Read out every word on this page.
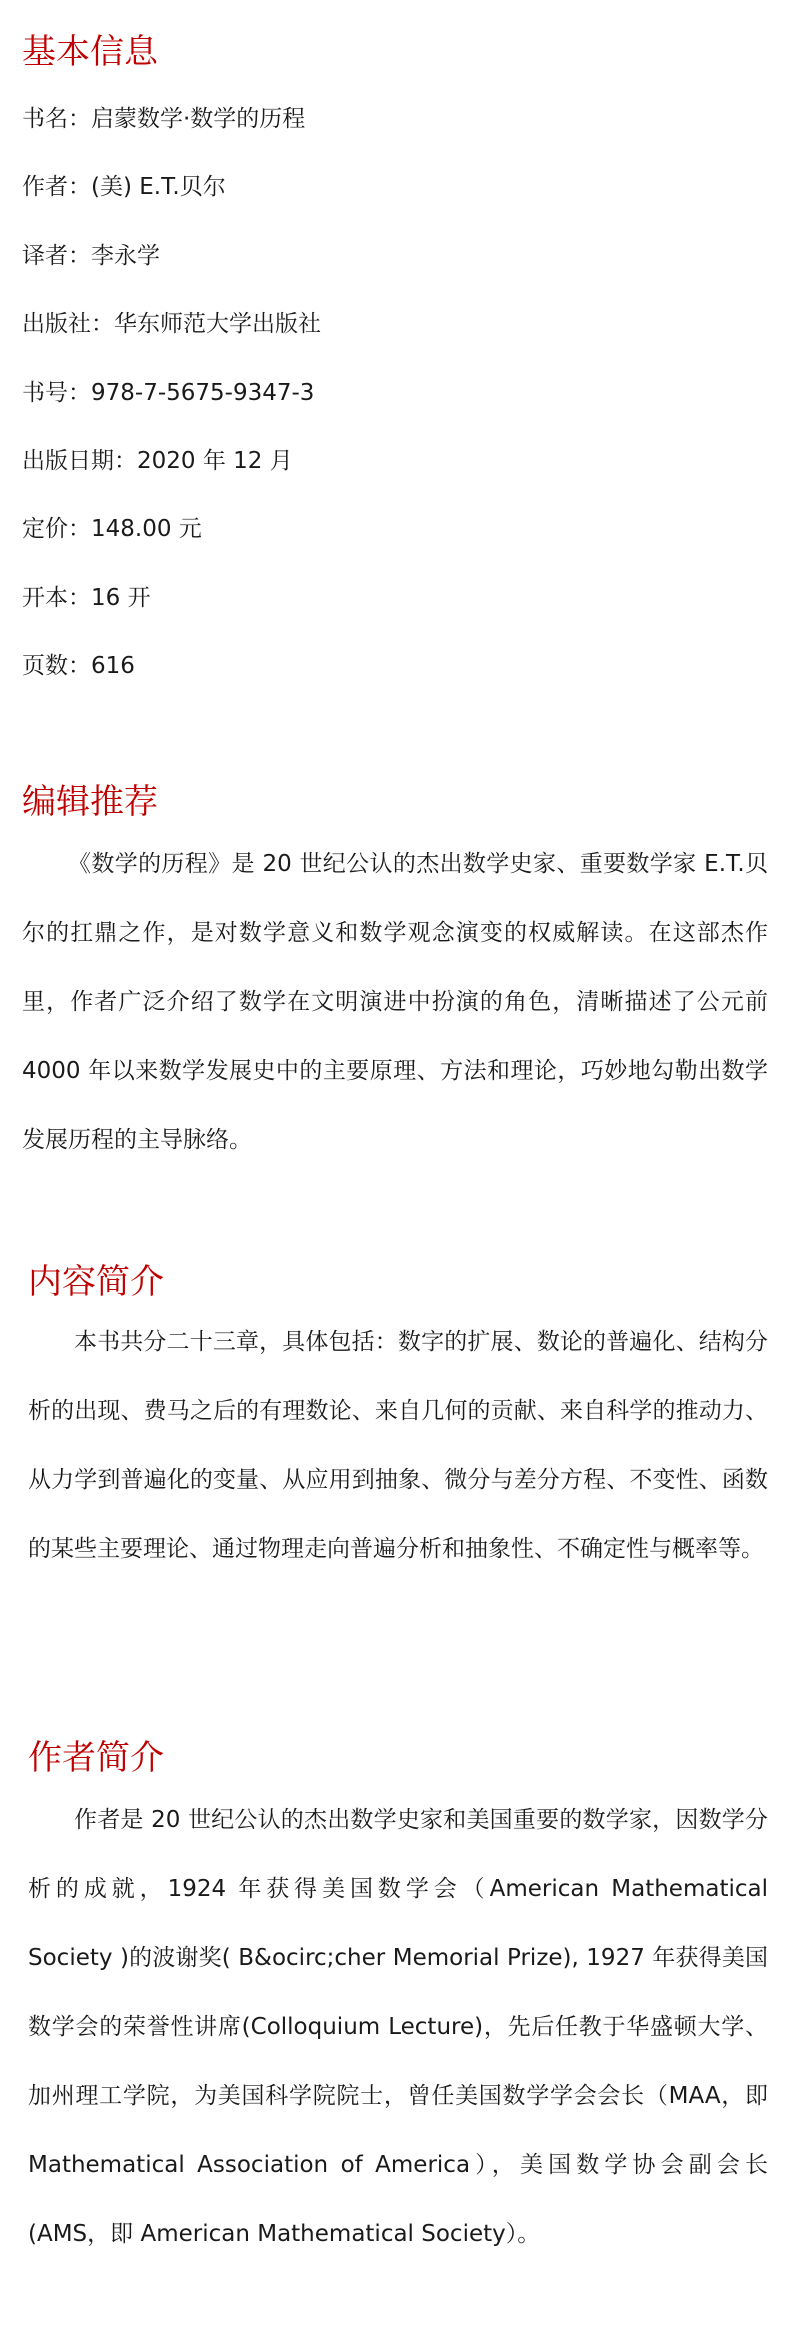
基本信息

书名：启蒙数学·数学的历程

作者：(美) E.T.贝尔

译者：李永学

出版社：华东师范大学出版社

书号：978-7-5675-9347-3

出版日期：2020 年 12 月

定价：148.00 元

开本：16 开

页数：616

编辑推荐

《数学的历程》是 20 世纪公认的杰出数学史家、重要数学家 E.T.贝尔的扛鼎之作，是对数学意义和数学观念演变的权威解读。在这部杰作里，作者广泛介绍了数学在文明演进中扮演的角色，清晰描述了公元前 4000 年以来数学发展史中的主要原理、方法和理论，巧妙地勾勒出数学发展历程的主导脉络。

内容简介

本书共分二十三章，具体包括：数字的扩展、数论的普遍化、结构分析的出现、费马之后的有理数论、来自几何的贡献、来自科学的推动力、从力学到普遍化的变量、从应用到抽象、微分与差分方程、不变性、函数的某些主要理论、通过物理走向普遍分析和抽象性、不确定性与概率等。

作者简介

作者是 20 世纪公认的杰出数学史家和美国重要的数学家，因数学分析的成就，1924 年获得美国数学会（American Mathematical Society )的波谢奖( B&ocirc;cher Memorial Prize), 1927 年获得美国数学会的荣誉性讲席(Colloquium Lecture)，先后任教于华盛顿大学、加州理工学院，为美国科学院院士，曾任美国数学学会会长（MAA，即 Mathematical Association of America），美国数学协会副会长(AMS，即 American Mathematical Society）。
